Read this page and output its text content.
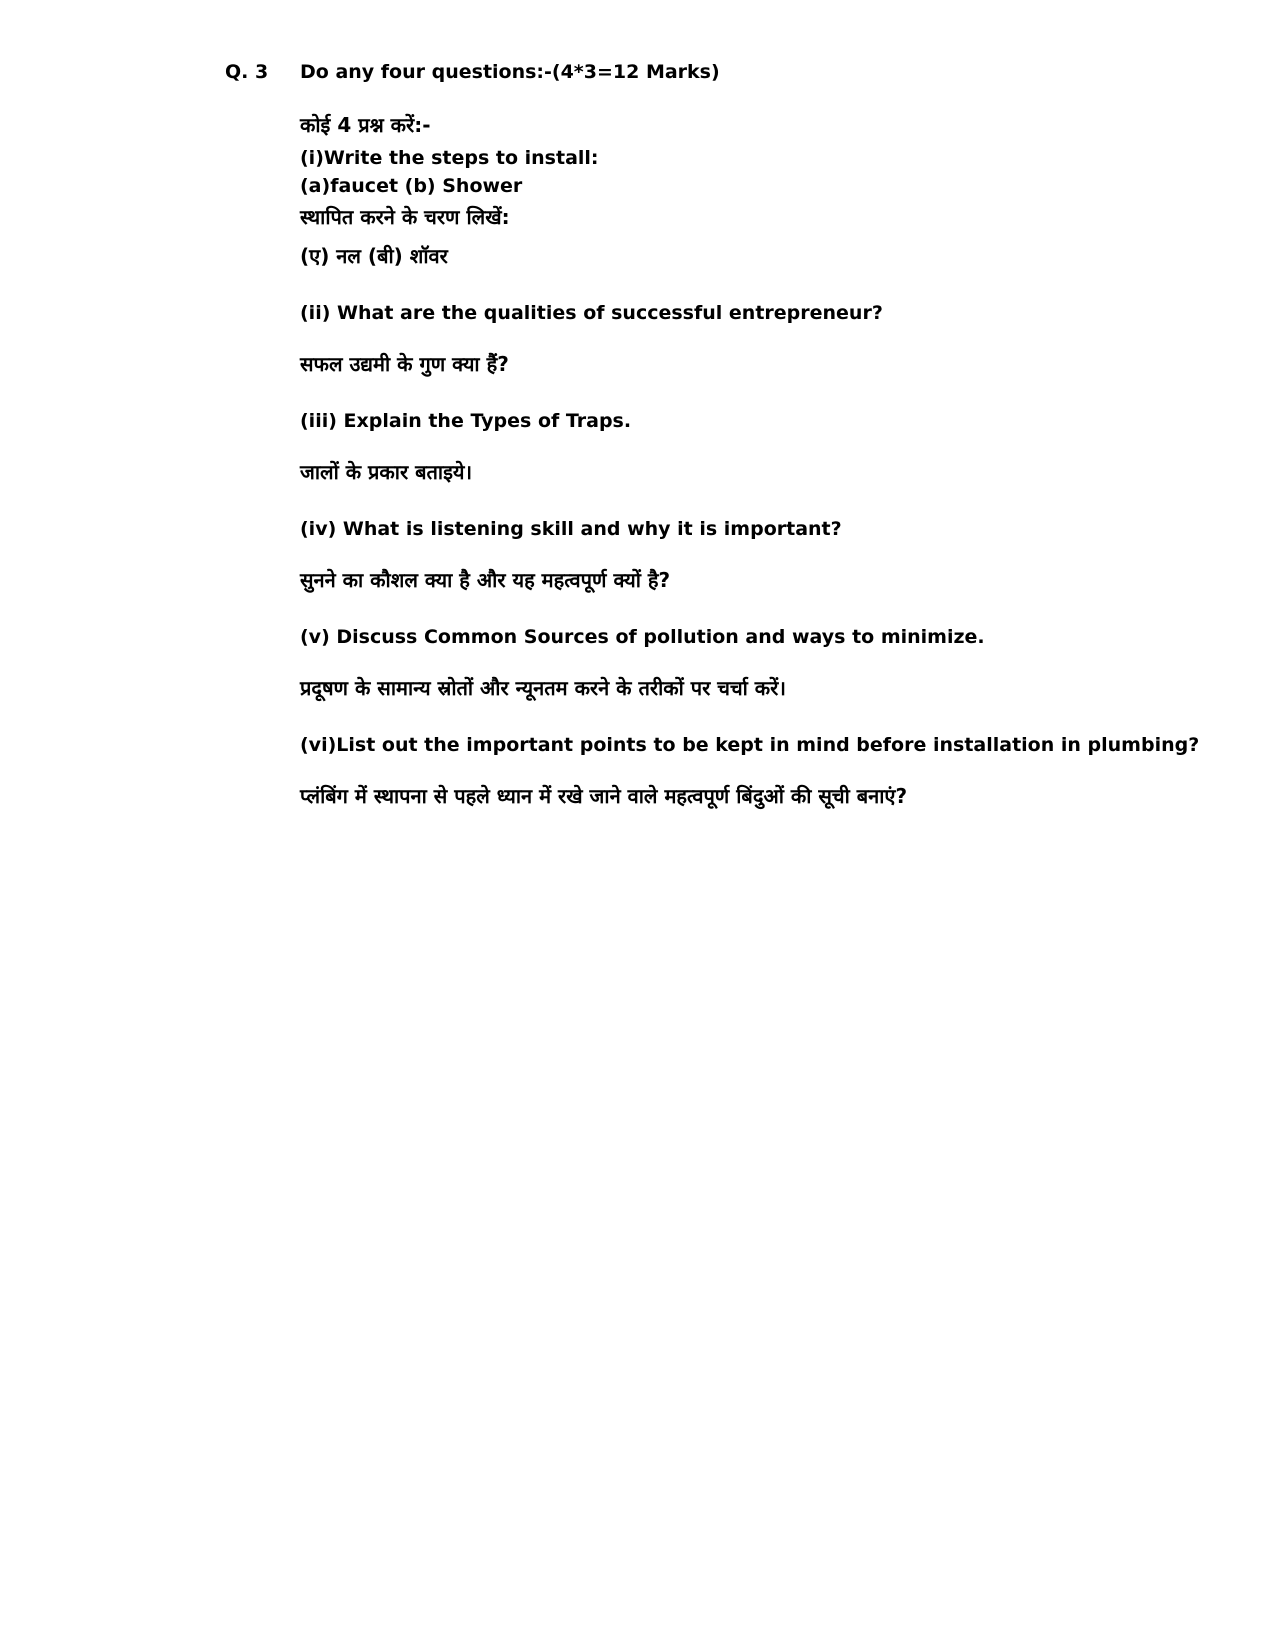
Q. 3 Do any four questions:-(4*3=12 Marks)
कोई 4 प्रश्न करें:-
(i)Write the steps to install:
(a)faucet (b) Shower
स्थापित करने के चरण लिखें:
(ए) नल (बी) शॉवर
(ii) What are the qualities of successful entrepreneur?
सफल उद्यमी के गुण क्या हैं?
(iii) Explain the Types of Traps.
जालों के प्रकार बताइये।
(iv) What is listening skill and why it is important?
सुनने का कौशल क्या है और यह महत्वपूर्ण क्यों है?
(v) Discuss Common Sources of pollution and ways to minimize.
प्रदूषण के सामान्य स्रोतों और न्यूनतम करने के तरीकों पर चर्चा करें।
(vi)List out the important points to be kept in mind before installation in plumbing?
प्लंबिंग में स्थापना से पहले ध्यान में रखे जाने वाले महत्वपूर्ण बिंदुओं की सूची बनाएं?
